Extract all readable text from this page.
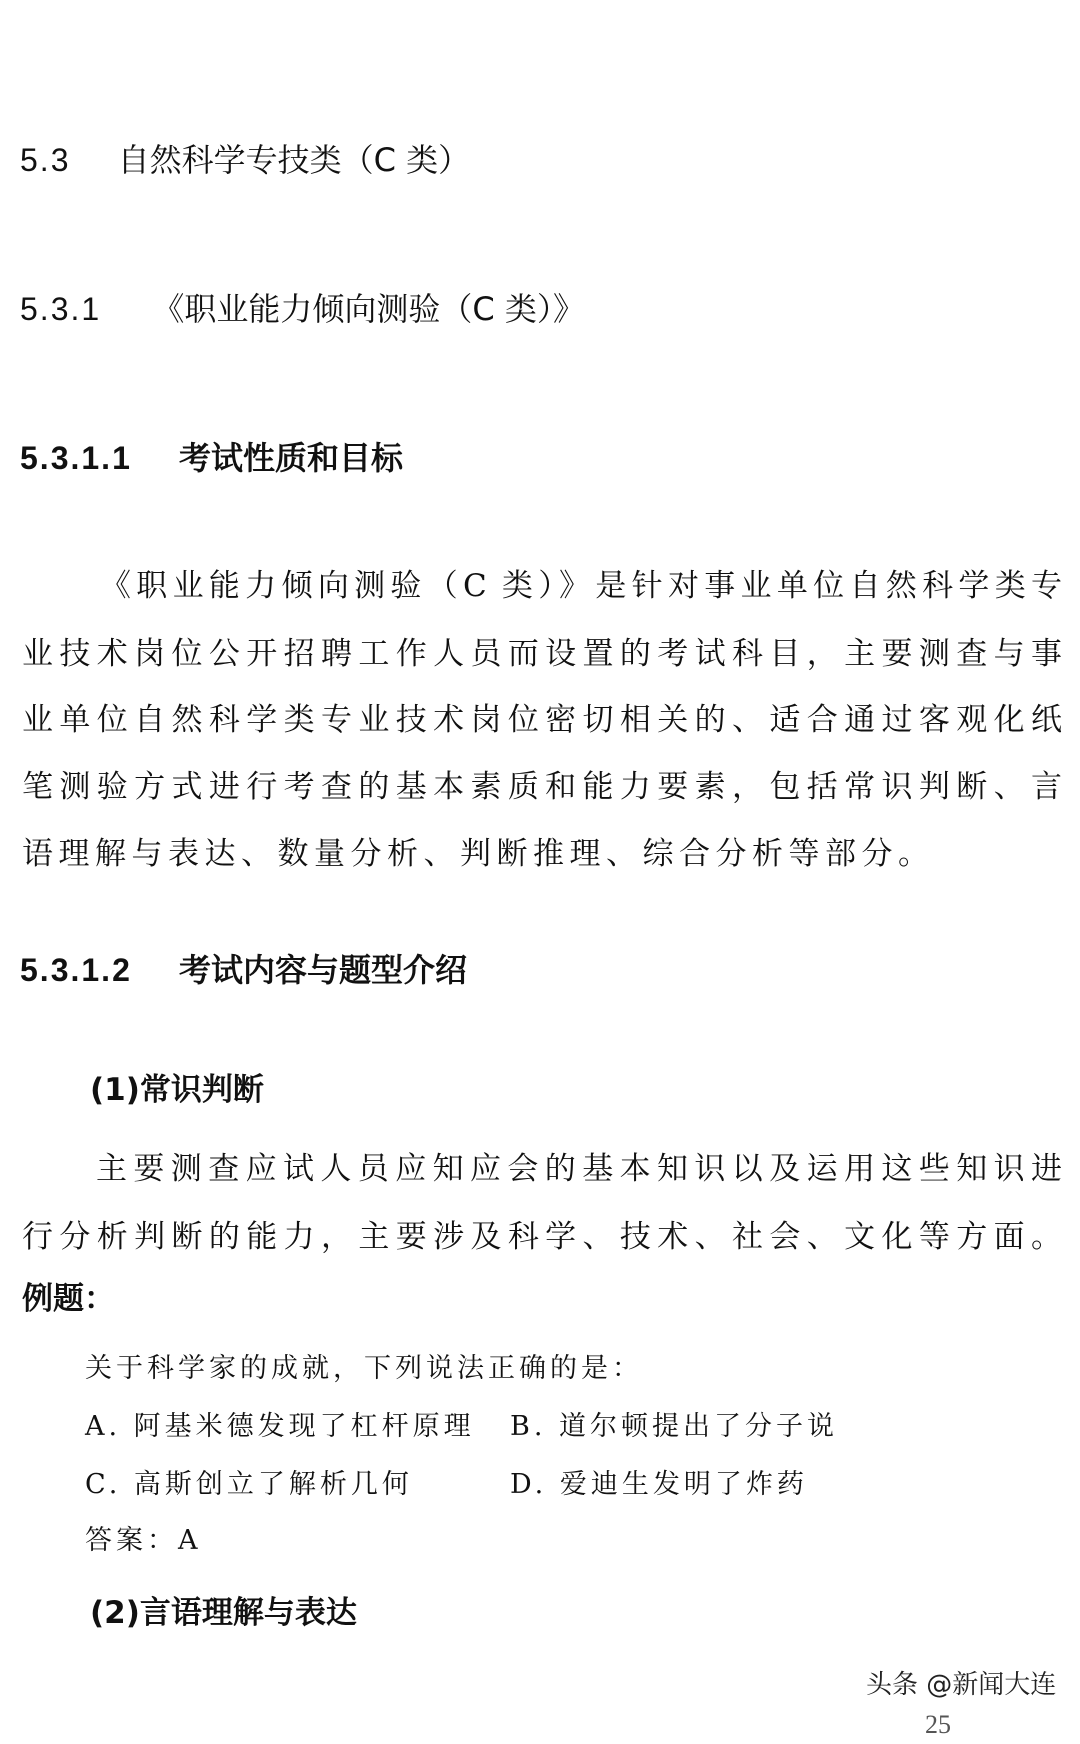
5.3 自然科学专技类（C 类）
5.3.1 《职业能力倾向测验（C 类）》
5.3.1.1 考试性质和目标
《职业能力倾向测验（C 类）》是针对事业单位自然科学类专
业技术岗位公开招聘工作人员而设置的考试科目，主要测查与事
业单位自然科学类专业技术岗位密切相关的、适合通过客观化纸
笔测验方式进行考查的基本素质和能力要素，包括常识判断、言
语理解与表达、数量分析、判断推理、综合分析等部分。
5.3.1.2 考试内容与题型介绍
(1)常识判断
主要测查应试人员应知应会的基本知识以及运用这些知识进
行分析判断的能力，主要涉及科学、技术、社会、文化等方面。
例题：
关于科学家的成就，下列说法正确的是：
A. 阿基米德发现了杠杆原理 B. 道尔顿提出了分子说
C. 高斯创立了解析几何	D. 爱迪生发明了炸药
答案：A
(2)言语理解与表达
头条 @新闻大连
25
